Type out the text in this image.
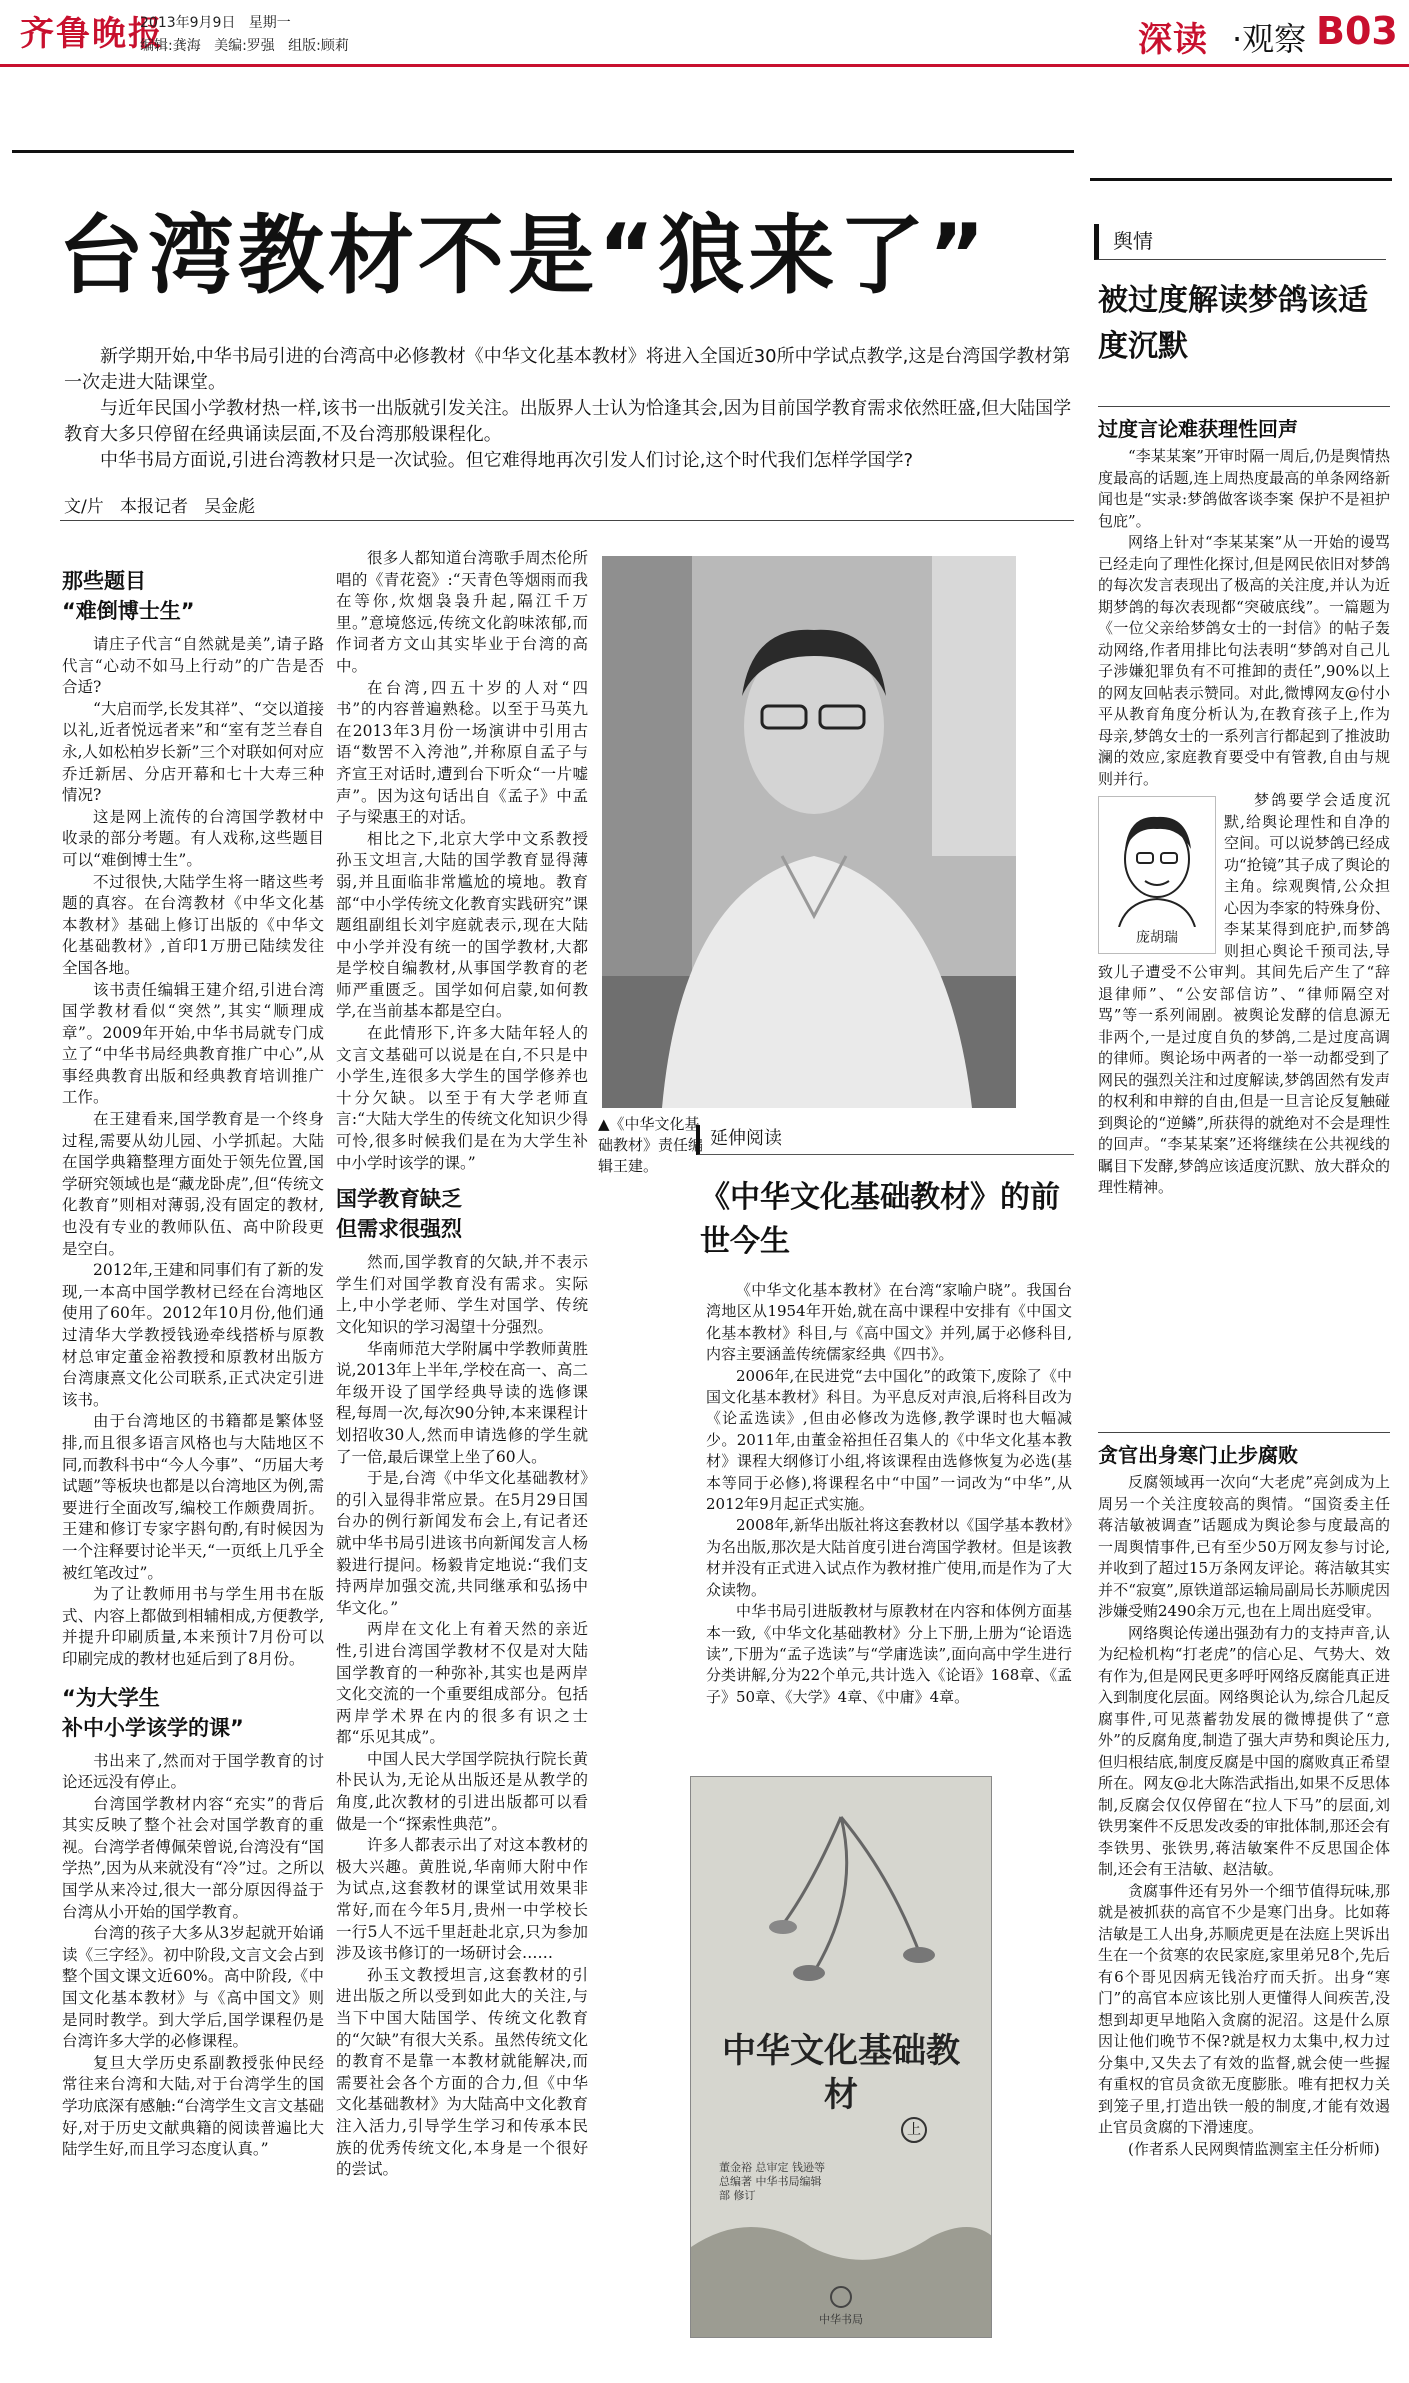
齐鲁晚报
2013年9月9日   星期一
编辑:龚海   美编:罗强   组版:顾莉	深读 ·观察 B03
台湾教材不是“狼来了”

新学期开始,中华书局引进的台湾高中必修教材《中华文化基本教材》将进入全国近30所中学试点教学,这是台湾国学教材第一次走进大陆课堂。

与近年民国小学教材热一样,该书一出版就引发关注。出版界人士认为恰逢其会,因为目前国学教育需求依然旺盛,但大陆国学教育大多只停留在经典诵读层面,不及台湾那般课程化。

中华书局方面说,引进台湾教材只是一次试验。但它难得地再次引发人们讨论,这个时代我们怎样学国学?

文/片   本报记者   吴金彪
那些题目
“难倒博士生”

请庄子代言“自然就是美”,请子路代言“心动不如马上行动”的广告是否合适?

“大启而学,长发其祥”、“交以道接以礼,近者悦远者来”和“室有芝兰春自永,人如松柏岁长新”三个对联如何对应乔迁新居、分店开幕和七十大寿三种情况?

这是网上流传的台湾国学教材中收录的部分考题。有人戏称,这些题目可以“难倒博士生”。

不过很快,大陆学生将一睹这些考题的真容。在台湾教材《中华文化基本教材》基础上修订出版的《中华文化基础教材》,首印1万册已陆续发往全国各地。

该书责任编辑王建介绍,引进台湾国学教材看似“突然”,其实“顺理成章”。2009年开始,中华书局就专门成立了“中华书局经典教育推广中心”,从事经典教育出版和经典教育培训推广工作。

在王建看来,国学教育是一个终身过程,需要从幼儿园、小学抓起。大陆在国学典籍整理方面处于领先位置,国学研究领域也是“藏龙卧虎”,但“传统文化教育”则相对薄弱,没有固定的教材,也没有专业的教师队伍、高中阶段更是空白。

2012年,王建和同事们有了新的发现,一本高中国学教材已经在台湾地区使用了60年。2012年10月份,他们通过清华大学教授钱逊牵线搭桥与原教材总审定董金裕教授和原教材出版方台湾康熹文化公司联系,正式决定引进该书。

由于台湾地区的书籍都是繁体竖排,而且很多语言风格也与大陆地区不同,而教科书中“今人今事”、“历届大考试题”等板块也都是以台湾地区为例,需要进行全面改写,编校工作颇费周折。王建和修订专家字斟句酌,有时候因为一个注释要讨论半天,“一页纸上几乎全被红笔改过”。

为了让教师用书与学生用书在版式、内容上都做到相辅相成,方便教学,并提升印刷质量,本来预计7月份可以印刷完成的教材也延后到了8月份。

“为大学生
补中小学该学的课”

书出来了,然而对于国学教育的讨论还远没有停止。

台湾国学教材内容“充实”的背后其实反映了整个社会对国学教育的重视。台湾学者傅佩荣曾说,台湾没有“国学热”,因为从来就没有“冷”过。之所以国学从来冷过,很大一部分原因得益于台湾从小开始的国学教育。

台湾的孩子大多从3岁起就开始诵读《三字经》。初中阶段,文言文会占到整个国文课文近60%。高中阶段,《中国文化基本教材》与《高中国文》则是同时教学。到大学后,国学课程仍是台湾许多大学的必修课程。

复旦大学历史系副教授张仲民经常往来台湾和大陆,对于台湾学生的国学功底深有感触:“台湾学生文言文基础好,对于历史文献典籍的阅读普遍比大陆学生好,而且学习态度认真。”

很多人都知道台湾歌手周杰伦所唱的《青花瓷》:“天青色等烟雨而我在等你,炊烟袅袅升起,隔江千万里。”意境悠远,传统文化韵味浓郁,而作词者方文山其实毕业于台湾的高中。

在台湾,四五十岁的人对“四书”的内容普遍熟稔。以至于马英九在2013年3月份一场演讲中引用古语“数罟不入洿池”,并称原自孟子与齐宣王对话时,遭到台下听众“一片嘘声”。因为这句话出自《孟子》中孟子与梁惠王的对话。

相比之下,北京大学中文系教授孙玉文坦言,大陆的国学教育显得薄弱,并且面临非常尴尬的境地。教育部“中小学传统文化教育实践研究”课题组副组长刘宇庭就表示,现在大陆中小学并没有统一的国学教材,大都是学校自编教材,从事国学教育的老师严重匮乏。国学如何启蒙,如何教学,在当前基本都是空白。

在此情形下,许多大陆年轻人的文言文基础可以说是在白,不只是中小学生,连很多大学生的国学修养也十分欠缺。以至于有大学老师直言:“大陆大学生的传统文化知识少得可怜,很多时候我们是在为大学生补中小学时该学的课。”

国学教育缺乏
但需求很强烈

然而,国学教育的欠缺,并不表示学生们对国学教育没有需求。实际上,中小学老师、学生对国学、传统文化知识的学习渴望十分强烈。

华南师范大学附属中学教师黄胜说,2013年上半年,学校在高一、高二年级开设了国学经典导读的选修课程,每周一次,每次90分钟,本来课程计划招收30人,然而申请选修的学生就了一倍,最后课堂上坐了60人。

于是,台湾《中华文化基础教材》的引入显得非常应景。在5月29日国台办的例行新闻发布会上,有记者还就中华书局引进该书向新闻发言人杨毅进行提问。杨毅肯定地说:“我们支持两岸加强交流,共同继承和弘扬中华文化。”

两岸在文化上有着天然的亲近性,引进台湾国学教材不仅是对大陆国学教育的一种弥补,其实也是两岸文化交流的一个重要组成部分。包括两岸学术界在内的很多有识之士都“乐见其成”。

中国人民大学国学院执行院长黄朴民认为,无论从出版还是从教学的角度,此次教材的引进出版都可以看做是一个“探索性典范”。

许多人都表示出了对这本教材的极大兴趣。黄胜说,华南师大附中作为试点,这套教材的课堂试用效果非常好,而在今年5月,贵州一中学校长一行5人不远千里赶赴北京,只为参加涉及该书修订的一场研讨会……

孙玉文教授坦言,这套教材的引进出版之所以受到如此大的关注,与当下中国大陆国学、传统文化教育的“欠缺”有很大关系。虽然传统文化的教育不是靠一本教材就能解决,而需要社会各个方面的合力,但《中华文化基础教材》为大陆高中文化教育注入活力,引导学生学习和传承本民族的优秀传统文化,本身是一个很好的尝试。

▲《中华文化基础教材》责任编辑王建。
延伸阅读
《中华文化基础教材》的前世今生

《中华文化基本教材》在台湾“家喻户晓”。我国台湾地区从1954年开始,就在高中课程中安排有《中国文化基本教材》科目,与《高中国文》并列,属于必修科目,内容主要涵盖传统儒家经典《四书》。

2006年,在民进党“去中国化”的政策下,废除了《中国文化基本教材》科目。为平息反对声浪,后将科目改为《论孟选读》,但由必修改为选修,教学课时也大幅减少。2011年,由董金裕担任召集人的《中华文化基本教材》课程大纲修订小组,将该课程由选修恢复为必选(基本等同于必修),将课程名中“中国”一词改为“中华”,从2012年9月起正式实施。

2008年,新华出版社将这套教材以《国学基本教材》为名出版,那次是大陆首度引进台湾国学教材。但是该教材并没有正式进入试点作为教材推广使用,而是作为了大众读物。

中华书局引进版教材与原教材在内容和体例方面基本一致,《中华文化基础教材》分上下册,上册为“论语选读”,下册为“孟子选读”与“学庸选读”,面向高中学生进行分类讲解,分为22个单元,共计选入《论语》168章、《孟子》50章、《大学》4章、《中庸》4章。

中华文化基础教材
上
董金裕 总审定 钱逊等 总编著 中华书局编辑部 修订
中华书局
舆情
被过度解读梦鸽该适度沉默
过度言论难获理性回声

“李某某案”开审时隔一周后,仍是舆情热度最高的话题,连上周热度最高的单条网络新闻也是“实录:梦鸽做客谈李案 保护不是袒护包庇”。

网络上针对“李某某案”从一开始的谩骂已经走向了理性化探讨,但是网民依旧对梦鸽的每次发言表现出了极高的关注度,并认为近期梦鸽的每次表现都“突破底线”。一篇题为《一位父亲给梦鸽女士的一封信》的帖子轰动网络,作者用排比句法表明“梦鸽对自己儿子涉嫌犯罪负有不可推卸的责任”,90%以上的网友回帖表示赞同。对此,微博网友@付小平从教育角度分析认为,在教育孩子上,作为母亲,梦鸽女士的一系列言行都起到了推波助澜的效应,家庭教育要受中有管教,自由与规则并行。

庞胡瑞

梦鸽要学会适度沉默,给舆论理性和自净的空间。可以说梦鸽已经成功“抢镜”其子成了舆论的主角。综观舆情,公众担心因为李家的特殊身份、李某某得到庇护,而梦鸽则担心舆论千预司法,导致儿子遭受不公审判。其间先后产生了“辞退律师”、“公安部信访”、“律师隔空对骂”等一系列闹剧。被舆论发酵的信息源无非两个,一是过度自负的梦鸽,二是过度高调的律师。舆论场中两者的一举一动都受到了网民的强烈关注和过度解读,梦鸽固然有发声的权利和申辩的自由,但是一旦言论反复触碰到舆论的“逆鳞”,所获得的就绝对不会是理性的回声。“李某某案”还将继续在公共视线的瞩目下发酵,梦鸽应该适度沉默、放大群众的理性精神。

贪官出身寒门止步腐败

反腐领域再一次向“大老虎”亮剑成为上周另一个关注度较高的舆情。“国资委主任蒋洁敏被调查”话题成为舆论参与度最高的一周舆情事件,已有至少50万网友参与讨论,并收到了超过15万条网友评论。蒋洁敏其实并不“寂寞”,原铁道部运输局副局长苏顺虎因涉嫌受贿2490余万元,也在上周出庭受审。

网络舆论传递出强劲有力的支持声音,认为纪检机构“打老虎”的信心足、气势大、效有作为,但是网民更多呼吁网络反腐能真正进入到制度化层面。网络舆论认为,综合几起反腐事件,可见蒸蓄勃发展的微博提供了“意外”的反腐角度,制造了强大声势和舆论压力,但归根结底,制度反腐是中国的腐败真正希望所在。网友@北大陈浩武指出,如果不反思体制,反腐会仅仅停留在“拉人下马”的层面,刘铁男案件不反思发改委的审批体制,那还会有李铁男、张铁男,蒋洁敏案件不反思国企体制,还会有王洁敏、赵洁敏。

贪腐事件还有另外一个细节值得玩味,那就是被抓获的高官不少是寒门出身。比如蒋洁敏是工人出身,苏顺虎更是在法庭上哭诉出生在一个贫寒的农民家庭,家里弟兄8个,先后有6个哥见因病无钱治疗而夭折。出身“寒门”的高官本应该比别人更懂得人间疾苦,没想到却更早地陷入贪腐的泥沼。这是什么原因让他们晚节不保?就是权力太集中,权力过分集中,又失去了有效的监督,就会使一些握有重权的官员贪欲无度膨胀。唯有把权力关到笼子里,打造出铁一般的制度,才能有效遏止官员贪腐的下滑速度。

(作者系人民网舆情监测室主任分析师)
